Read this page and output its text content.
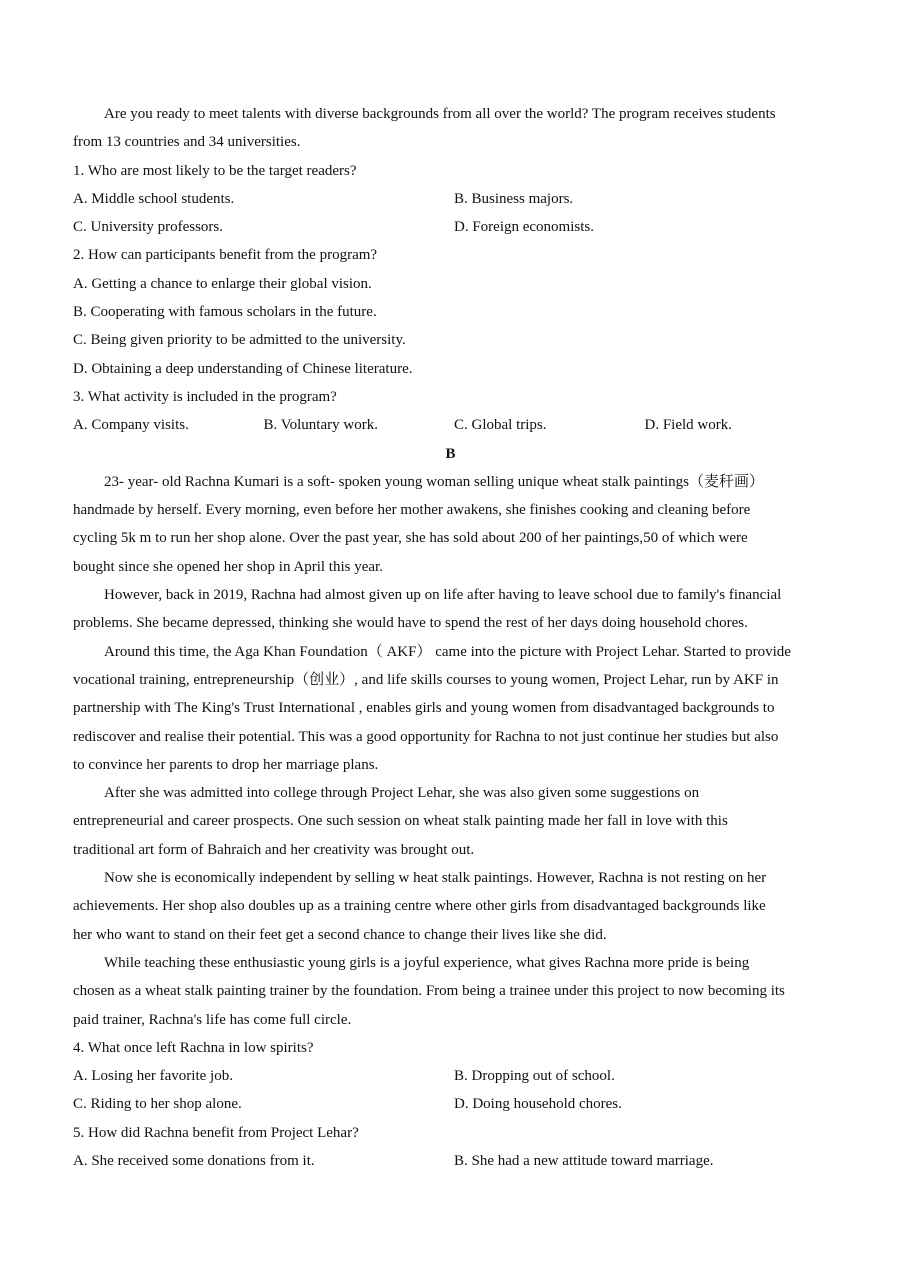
Are you ready to meet talents with diverse backgrounds from all over the world? The program receives students
from 13 countries and 34 universities.
1. Who are most likely to be the target readers?
A. Middle school students.	B. Business majors.
C. University professors.	D. Foreign economists.
2. How can participants benefit from the program?
A. Getting a chance to enlarge their global vision.
B. Cooperating with famous scholars in the future.
C. Being given priority to be admitted to the university.
D. Obtaining a deep understanding of Chinese literature.
3. What activity is included in the program?
A. Company visits.	B. Voluntary work.	C. Global trips.	D. Field work.
B
23- year- old Rachna Kumari is a soft- spoken young woman selling unique wheat stalk paintings（麦秆画）
handmade by herself. Every morning, even before her mother awakens, she finishes cooking and cleaning before
cycling 5k m to run her shop alone. Over the past year, she has sold about 200 of her paintings,50 of which were
bought since she opened her shop in April this year.
However, back in 2019, Rachna had almost given up on life after having to leave school due to family's financial
problems. She became depressed, thinking she would have to spend the rest of her days doing household chores.
Around this time, the Aga Khan Foundation（ AKF） came into the picture with Project Lehar. Started to provide
vocational training, entrepreneurship（创业）, and life skills courses to young women, Project Lehar, run by AKF in
partnership with The King's Trust International , enables girls and young women from disadvantaged backgrounds to
rediscover and realise their potential. This was a good opportunity for Rachna to not just continue her studies but also
to convince her parents to drop her marriage plans.
After she was admitted into college through Project Lehar, she was also given some suggestions on
entrepreneurial and career prospects. One such session on wheat stalk painting made her fall in love with this
traditional art form of Bahraich and her creativity was brought out.
Now she is economically independent by selling w heat stalk paintings. However, Rachna is not resting on her
achievements. Her shop also doubles up as a training centre where other girls from disadvantaged backgrounds like
her who want to stand on their feet get a second chance to change their lives like she did.
While teaching these enthusiastic young girls is a joyful experience, what gives Rachna more pride is being
chosen as a wheat stalk painting trainer by the foundation. From being a trainee under this project to now becoming its
paid trainer, Rachna's life has come full circle.
4. What once left Rachna in low spirits?
A. Losing her favorite job.	B. Dropping out of school.
C. Riding to her shop alone.	D. Doing household chores.
5. How did Rachna benefit from Project Lehar?
A. She received some donations from it.	B. She had a new attitude toward marriage.
